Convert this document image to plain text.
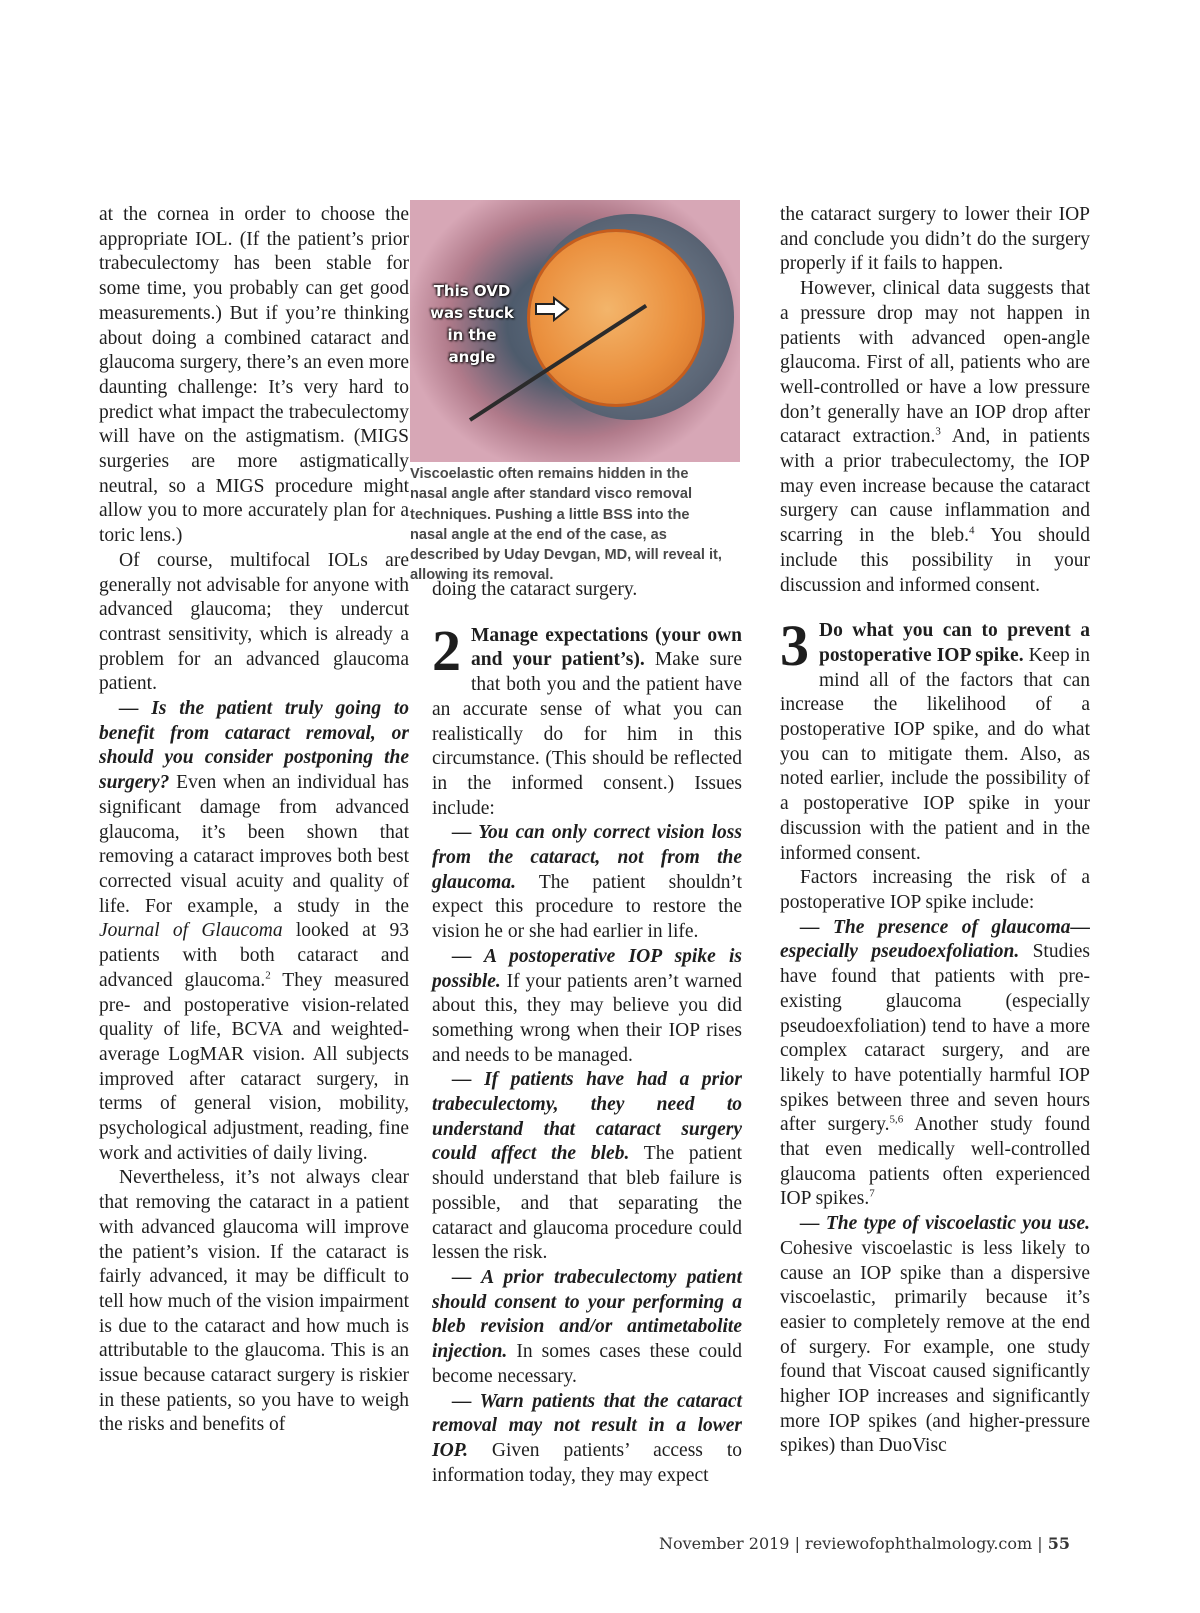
at the cornea in order to choose the appropriate IOL. (If the patient’s prior trabeculectomy has been stable for some time, you probably can get good measurements.) But if you’re thinking about doing a combined cataract and glaucoma surgery, there’s an even more daunting challenge: It’s very hard to predict what impact the trabeculectomy will have on the astigmatism. (MIGS surgeries are more astigmatically neutral, so a MIGS procedure might allow you to more accurately plan for a toric lens.)

Of course, multifocal IOLs are generally not advisable for anyone with advanced glaucoma; they undercut contrast sensitivity, which is already a problem for an advanced glaucoma patient.

— Is the patient truly going to benefit from cataract removal, or should you consider postponing the surgery? Even when an individual has significant damage from advanced glaucoma, it’s been shown that removing a cataract improves both best corrected visual acuity and quality of life. For example, a study in the Journal of Glaucoma looked at 93 patients with both cataract and advanced glaucoma.$^2$ They measured pre- and postoperative vision-related quality of life, BCVA and weighted-average LogMAR vision. All subjects improved after cataract surgery, in terms of general vision, mobility, psychological adjustment, reading, fine work and activities of daily living.

Nevertheless, it’s not always clear that removing the cataract in a patient with advanced glaucoma will improve the patient’s vision. If the cataract is fairly advanced, it may be difficult to tell how much of the vision impairment is due to the cataract and how much is attributable to the glaucoma. This is an issue because cataract surgery is riskier in these patients, so you have to weigh the risks and benefits of

This OVD was stuck in the angle
Viscoelastic often remains hidden in the nasal angle after standard visco removal techniques. Pushing a little BSS into the nasal angle at the end of the case, as described by Uday Devgan, MD, will reveal it, allowing its removal.

doing the cataract surgery.

2 Manage expectations (your own and your patient’s). Make sure that both you and the patient have an accurate sense of what you can realistically do for him in this circumstance. (This should be reflected in the informed consent.) Issues include:

— You can only correct vision loss from the cataract, not from the glaucoma. The patient shouldn’t expect this procedure to restore the vision he or she had earlier in life.

— A postoperative IOP spike is possible. If your patients aren’t warned about this, they may believe you did something wrong when their IOP rises and needs to be managed.

— If patients have had a prior trabeculectomy, they need to understand that cataract surgery could affect the bleb. The patient should understand that bleb failure is possible, and that separating the cataract and glaucoma procedure could lessen the risk.

— A prior trabeculectomy patient should consent to your performing a bleb revision and/or antimetabolite injection. In somes cases these could become necessary.

— Warn patients that the cataract removal may not result in a lower IOP. Given patients’ access to information today, they may expect

the cataract surgery to lower their IOP and conclude you didn’t do the surgery properly if it fails to happen.

However, clinical data suggests that a pressure drop may not happen in patients with advanced open-angle glaucoma. First of all, patients who are well-controlled or have a low pressure don’t generally have an IOP drop after cataract extraction.$^3$ And, in patients with a prior trabeculectomy, the IOP may even increase because the cataract surgery can cause inflammation and scarring in the bleb.$^4$ You should include this possibility in your discussion and informed consent.

3 Do what you can to prevent a postoperative IOP spike. Keep in mind all of the factors that can increase the likelihood of a postoperative IOP spike, and do what you can to mitigate them. Also, as noted earlier, include the possibility of a postoperative IOP spike in your discussion with the patient and in the informed consent.

Factors increasing the risk of a postoperative IOP spike include:

— The presence of glaucoma—especially pseudoexfoliation. Studies have found that patients with pre-existing glaucoma (especially pseudoexfoliation) tend to have a more complex cataract surgery, and are likely to have potentially harmful IOP spikes between three and seven hours after surgery.$^{5,6}$ Another study found that even medically well-controlled glaucoma patients often experienced IOP spikes.$^7$

— The type of viscoelastic you use. Cohesive viscoelastic is less likely to cause an IOP spike than a dispersive viscoelastic, primarily because it’s easier to completely remove at the end of surgery. For example, one study found that Viscoat caused significantly higher IOP increases and significantly more IOP spikes (and higher-pressure spikes) than DuoVisc

November 2019 | reviewofophthalmology.com | 55
